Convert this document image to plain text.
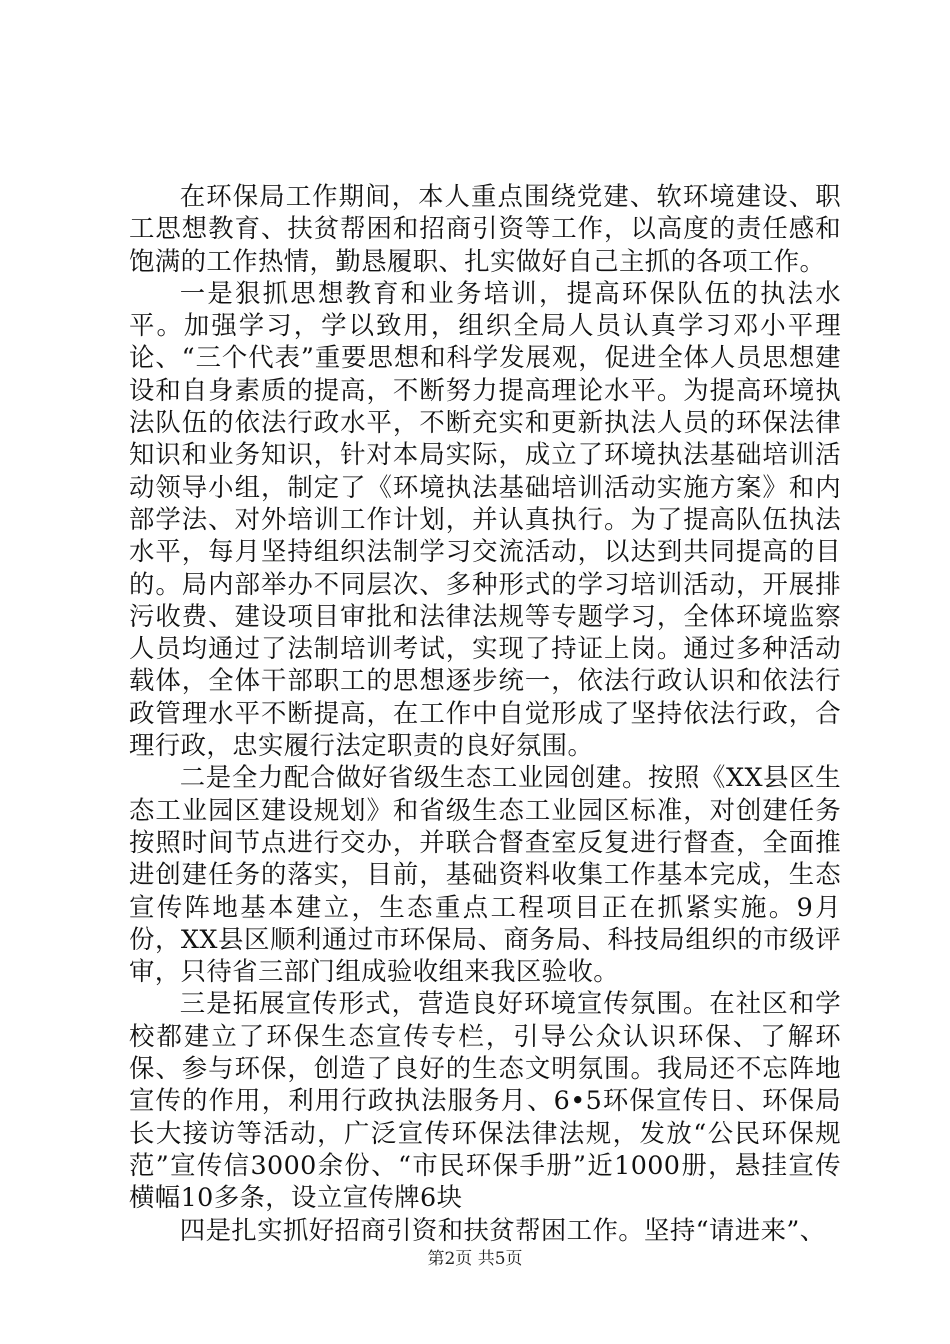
在环保局工作期间，本人重点围绕党建、软环境建设、职工思想教育、扶贫帮困和招商引资等工作，以高度的责任感和饱满的工作热情，勤恳履职、扎实做好自己主抓的各项工作。

一是狠抓思想教育和业务培训，提高环保队伍的执法水平。加强学习，学以致用，组织全局人员认真学习邓小平理论、“三个代表”重要思想和科学发展观，促进全体人员思想建设和自身素质的提高，不断努力提高理论水平。为提高环境执法队伍的依法行政水平，不断充实和更新执法人员的环保法律知识和业务知识，针对本局实际，成立了环境执法基础培训活动领导小组，制定了《环境执法基础培训活动实施方案》和内部学法、对外培训工作计划，并认真执行。为了提高队伍执法水平，每月坚持组织法制学习交流活动，以达到共同提高的目的。局内部举办不同层次、多种形式的学习培训活动，开展排污收费、建设项目审批和法律法规等专题学习，全体环境监察人员均通过了法制培训考试，实现了持证上岗。通过多种活动载体，全体干部职工的思想逐步统一，依法行政认识和依法行政管理水平不断提高，在工作中自觉形成了坚持依法行政，合理行政，忠实履行法定职责的良好氛围。

二是全力配合做好省级生态工业园创建。按照《XX县区生态工业园区建设规划》和省级生态工业园区标准，对创建任务按照时间节点进行交办，并联合督查室反复进行督查，全面推进创建任务的落实，目前，基础资料收集工作基本完成，生态宣传阵地基本建立，生态重点工程项目正在抓紧实施。9月份，XX县区顺利通过市环保局、商务局、科技局组织的市级评审，只待省三部门组成验收组来我区验收。

三是拓展宣传形式，营造良好环境宣传氛围。在社区和学校都建立了环保生态宣传专栏，引导公众认识环保、了解环保、参与环保，创造了良好的生态文明氛围。我局还不忘阵地宣传的作用，利用行政执法服务月、6•5环保宣传日、环保局长大接访等活动，广泛宣传环保法律法规，发放“公民环保规范”宣传信3000余份、“市民环保手册”近1000册，悬挂宣传横幅10多条，设立宣传牌6块

四是扎实抓好招商引资和扶贫帮困工作。坚持“请进来”、

第2页 共5页
